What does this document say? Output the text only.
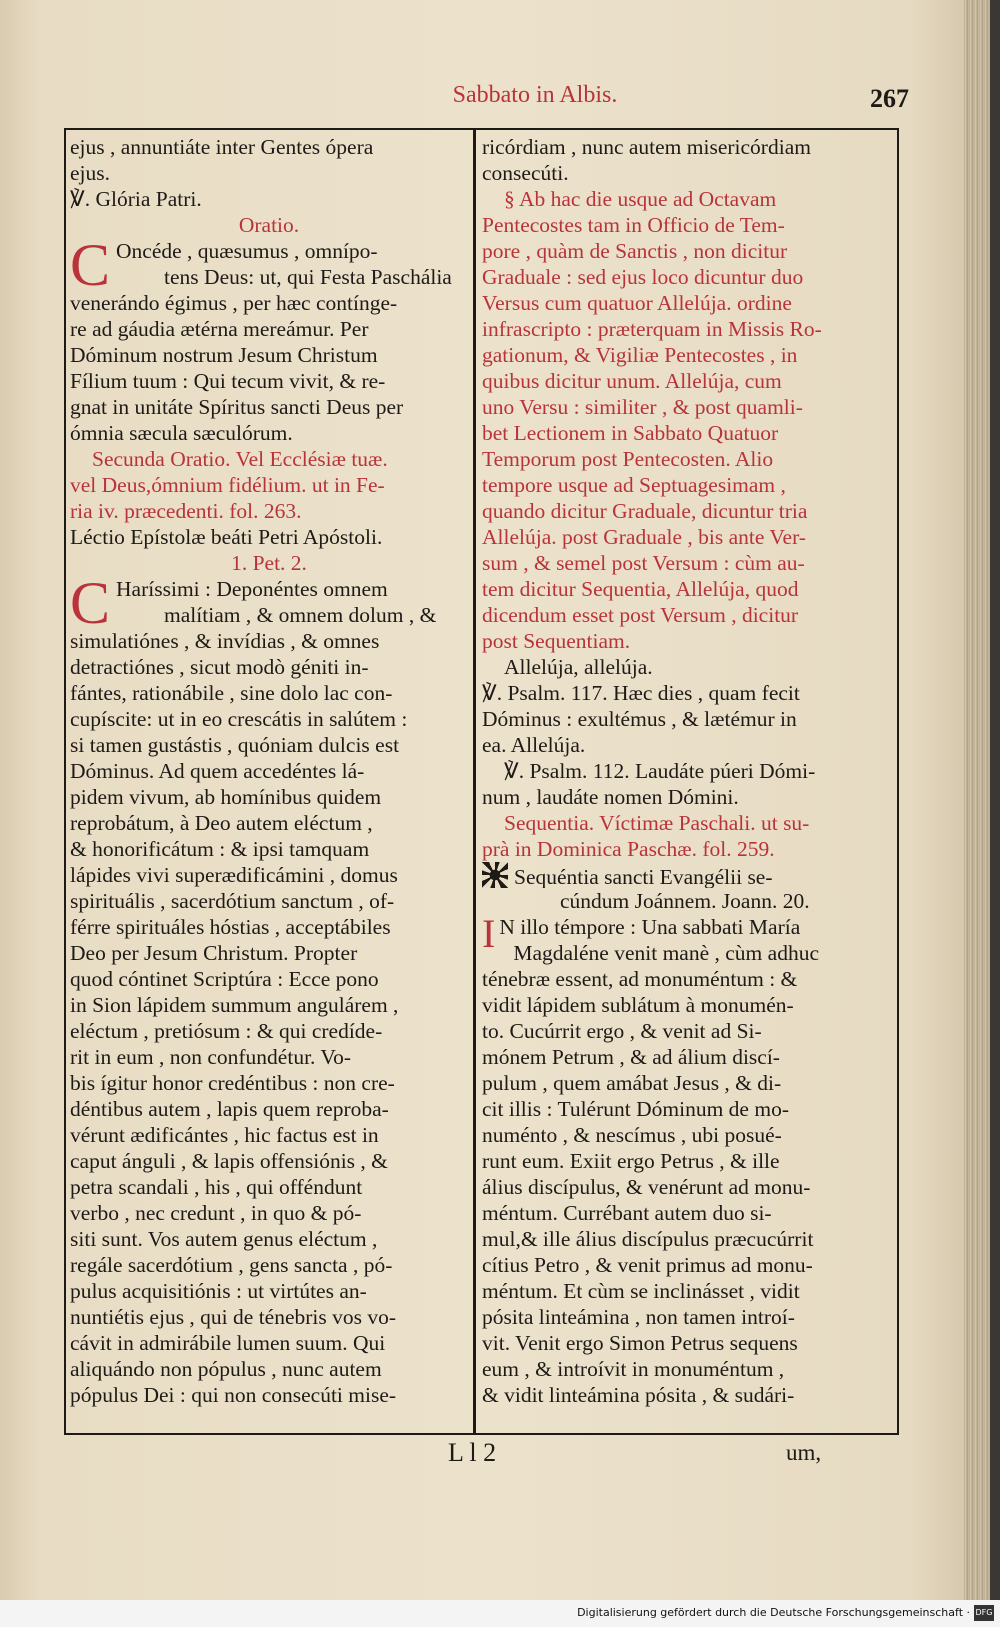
Sabbato in Albis.	267
ejus , annuntiáte inter Gentes ópera
ejus.
℣. Glória Patri.
Oratio.
C Oncéde , quæsumus , omnípo-
tens Deus: ut, qui Festa Paschália
venerándo égimus , per hæc contínge-
re ad gáudia ætérna mereámur. Per
Dóminum nostrum Jesum Christum
Fílium tuum : Qui tecum vivit, & re-
gnat in unitáte Spíritus sancti Deus per
ómnia sæcula sæculórum.
Secunda Oratio. Vel Ecclésiæ tuæ.
vel Deus,ómnium fidélium. ut in Fe-
ria iv. præcedenti. fol. 263.
Léctio Epístolæ beáti Petri Apóstoli.
1. Pet. 2.
C Haríssimi : Deponéntes omnem
malítiam , & omnem dolum , &
simulatiónes , & invídias , & omnes
detractiónes , sicut modò géniti in-
fántes, rationábile , sine dolo lac con-
cupíscite: ut in eo crescátis in salútem :
si tamen gustástis , quóniam dulcis est
Dóminus. Ad quem accedéntes lá-
pidem vivum, ab homínibus quidem
reprobátum, à Deo autem eléctum ,
& honorificátum : & ipsi tamquam
lápides vivi superædificámini , domus
spirituális , sacerdótium sanctum , of-
férre spirituáles hóstias , acceptábiles
Deo per Jesum Christum. Propter
quod cóntinet Scriptúra : Ecce pono
in Sion lápidem summum angulárem ,
eléctum , pretiósum : & qui credíde-
rit in eum , non confundétur. Vo-
bis ígitur honor credéntibus : non cre-
déntibus autem , lapis quem reproba-
vérunt ædificántes , hic factus est in
caput ánguli , & lapis offensiónis , &
petra scandali , his , qui offéndunt
verbo , nec credunt , in quo & pó-
siti sunt. Vos autem genus eléctum ,
regále sacerdótium , gens sancta , pó-
pulus acquisitiónis : ut virtútes an-
nuntiétis ejus , qui de ténebris vos vo-
cávit in admirábile lumen suum. Qui
aliquándo non pópulus , nunc autem
pópulus Dei : qui non consecúti mise-
ricórdiam , nunc autem misericórdiam
consecúti.
§ Ab hac die usque ad Octavam
Pentecostes tam in Officio de Tem-
pore , quàm de Sanctis , non dicitur
Graduale : sed ejus loco dicuntur duo
Versus cum quatuor Allelúja. ordine
infrascripto : præterquam in Missis Ro-
gationum, & Vigiliæ Pentecostes , in
quibus dicitur unum. Allelúja, cum
uno Versu : similiter , & post quamli-
bet Lectionem in Sabbato Quatuor
Temporum post Pentecosten. Alio
tempore usque ad Septuagesimam ,
quando dicitur Graduale, dicuntur tria
Allelúja. post Graduale , bis ante Ver-
sum , & semel post Versum : cùm au-
tem dicitur Sequentia, Allelúja, quod
dicendum esset post Versum , dicitur
post Sequentiam.
Allelúja, allelúja.
℣. Psalm. 117. Hæc dies , quam fecit
Dóminus : exultémus , & lætémur in
ea. Allelúja.
℣. Psalm. 112. Laudáte púeri Dómi-
num , laudáte nomen Dómini.
Sequentia. Víctimæ Paschali. ut su-
prà in Dominica Paschæ. fol. 259.
Sequéntia sancti Evangélii se-
cúndum Joánnem. Joann. 20.
I N illo témpore : Una sabbati María
Magdaléne venit manè , cùm adhuc
ténebræ essent, ad monuméntum : &
vidit lápidem sublátum à monumén-
to. Cucúrrit ergo , & venit ad Si-
mónem Petrum , & ad álium discí-
pulum , quem amábat Jesus , & di-
cit illis : Tulérunt Dóminum de mo-
numénto , & nescímus , ubi posué-
runt eum. Exiit ergo Petrus , & ille
álius discípulus, & venérunt ad monu-
méntum. Currébant autem duo si-
mul,& ille álius discípulus præcucúrrit
cítius Petro , & venit primus ad monu-
méntum. Et cùm se inclinásset , vidit
pósita linteámina , non tamen introí-
vit. Venit ergo Simon Petrus sequens
eum , & introívit in monuméntum ,
& vidit linteámina pósita , & sudári-
L l 2	um,
Digitalisierung gefördert durch die Deutsche Forschungsgemeinschaft · DFG
